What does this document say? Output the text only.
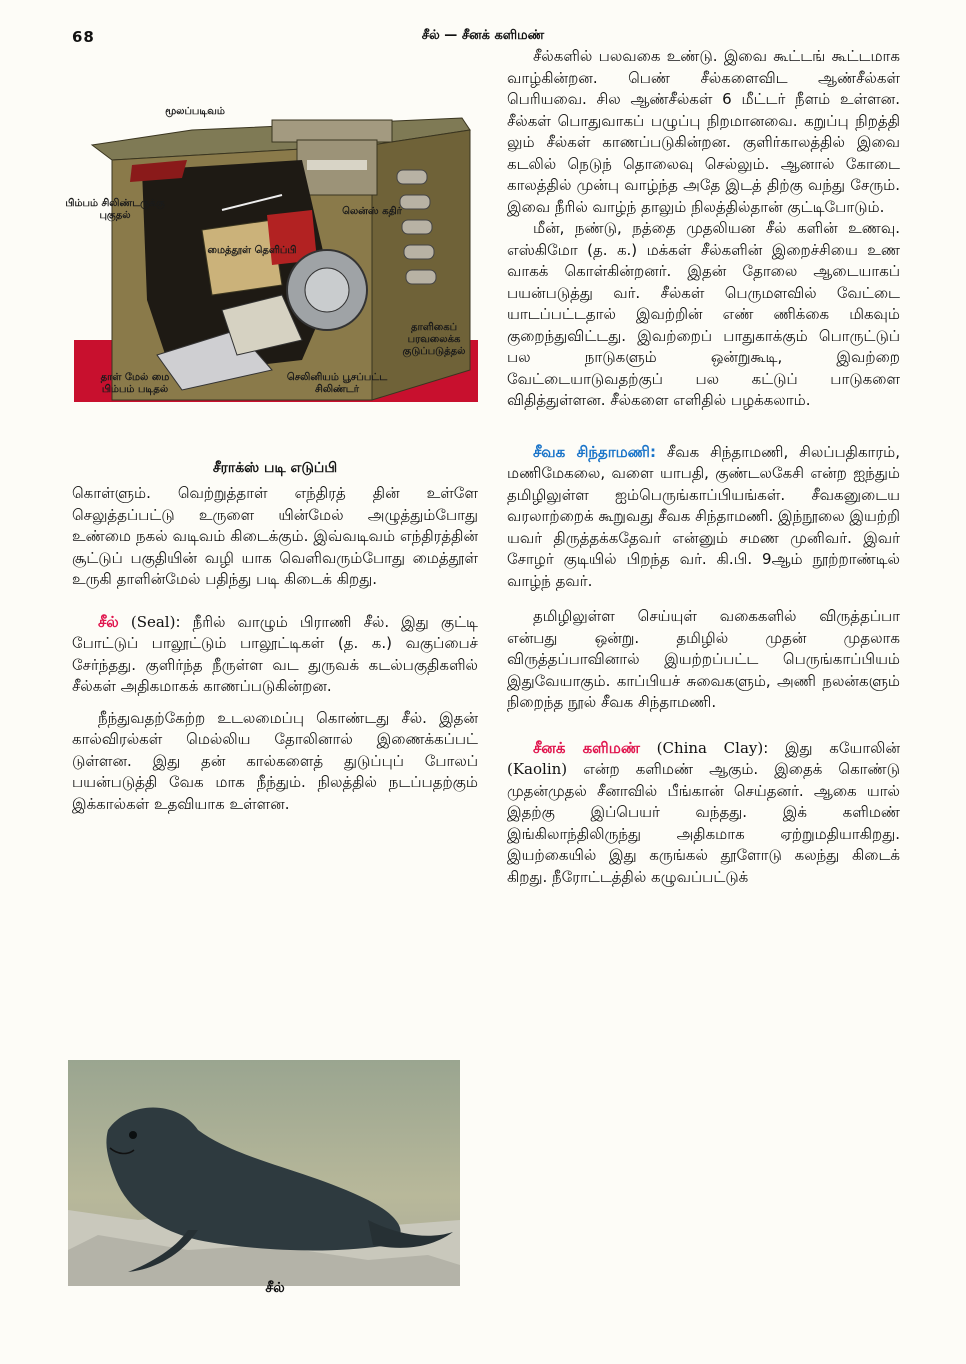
68	சீல் — சீனக் களிமண்
மூலப்படிவம்
பிம்பம் சிலிண்டருக்கு புகுதல்	லென்ஸ் கதிர்
மைத்தூள் தெளிப்பி
தாளிகைப் பரவலைக்க குடுப்படுத்தல்
தாள் மேல் மை பிம்பம் படிதல்
செலினியம் பூசப்பட்ட சிலிண்டர்
சீராக்ஸ் படி எடுப்பி

கொள்ளும். வெற்றுத்தாள் எந்திரத் தின் உள்ளே செலுத்தப்பட்டு உருளை யின்மேல் அழுத்தும்போது உண்மை நகல் வடிவம் கிடைக்கும். இவ்வடிவம் எந்திரத்தின் சூட்டுப் பகுதியின் வழி யாக வெளிவரும்போது மைத்தூள் உருகி தாளின்மேல் பதிந்து படி கிடைக் கிறது.

சீல் (Seal): நீரில் வாழும் பிராணி சீல். இது குட்டி போட்டுப் பாலூட்டும் பாலூட்டிகள் (த. க.) வகுப்பைச் சேர்ந்தது. குளிர்ந்த நீருள்ள வட துருவக் கடல்பகுதிகளில் சீல்கள் அதிகமாகக் காணப்படுகின்றன.

நீந்துவதற்கேற்ற உடலமைப்பு கொண்டது சீல். இதன் கால்விரல்கள் மெல்லிய தோலினால் இணைக்கப்பட் டுள்ளன. இது தன் கால்களைத் துடுப்புப் போலப் பயன்படுத்தி வேக மாக நீந்தும். நிலத்தில் நடப்பதற்கும் இக்கால்கள் உதவியாக உள்ளன.

சீல்

சீல்களில் பலவகை உண்டு. இவை கூட்டங் கூட்டமாக வாழ்கின்றன. பெண் சீல்களைவிட ஆண்சீல்கள் பெரியவை. சில ஆண்சீல்கள் 6 மீட்டர் நீளம் உள்ளன. சீல்கள் பொதுவாகப் பழுப்பு நிறமானவை. கறுப்பு நிறத்தி லும் சீல்கள் காணப்படுகின்றன. குளிர்காலத்தில் இவை கடலில் நெடுந் தொலைவு செல்லும். ஆனால் கோடை காலத்தில் முன்பு வாழ்ந்த அதே இடத் திற்கு வந்து சேரும். இவை நீரில் வாழ்ந் தாலும் நிலத்தில்தான் குட்டிபோடும்.

மீன், நண்டு, நத்தை முதலியன சீல் களின் உணவு. எஸ்கிமோ (த. க.) மக்கள் சீல்களின் இறைச்சியை உண வாகக் கொள்கின்றனர். இதன் தோலை ஆடையாகப் பயன்படுத்து வர். சீல்கள் பெருமளவில் வேட்டை யாடப்பட்டதால் இவற்றின் எண் ணிக்கை மிகவும் குறைந்துவிட்டது. இவற்றைப் பாதுகாக்கும் பொருட்டுப் பல நாடுகளும் ஒன்றுகூடி, இவற்றை வேட்டையாடுவதற்குப் பல கட்டுப் பாடுகளை விதித்துள்ளன. சீல்களை எளிதில் பழக்கலாம்.

சீவக சிந்தாமணி: சீவக சிந்தாமணி, சிலப்பதிகாரம், மணிமேகலை, வளை யாபதி, குண்டலகேசி என்ற ஐந்தும் தமிழிலுள்ள ஐம்பெருங்காப்பியங்கள். சீவகனுடைய வரலாற்றைக் கூறுவது சீவக சிந்தாமணி. இந்நூலை இயற்றி யவர் திருத்தக்கதேவர் என்னும் சமண முனிவர். இவர் சோழர் குடியில் பிறந்த வர். கி.பி. 9ஆம் நூற்றாண்டில் வாழ்ந் தவர்.

தமிழிலுள்ள செய்யுள் வகைகளில் விருத்தப்பா என்பது ஒன்று. தமிழில் முதன் முதலாக விருத்தப்பாவினால் இயற்றப்பட்ட பெருங்காப்பியம் இதுவேயாகும். காப்பியச் சுவைகளும், அணி நலன்களும் நிறைந்த நூல் சீவக சிந்தாமணி.

சீனக் களிமண் (China Clay): இது கயோலின் (Kaolin) என்ற களிமண் ஆகும். இதைக் கொண்டு முதன்முதல் சீனாவில் பீங்கான் செய்தனர். ஆகை யால் இதற்கு இப்பெயர் வந்தது. இக் களிமண் இங்கிலாந்திலிருந்து அதிகமாக ஏற்றுமதியாகிறது. இயற்கையில் இது கருங்கல் தூளோடு கலந்து கிடைக் கிறது. நீரோட்டத்தில் கழுவப்பட்டுக்
